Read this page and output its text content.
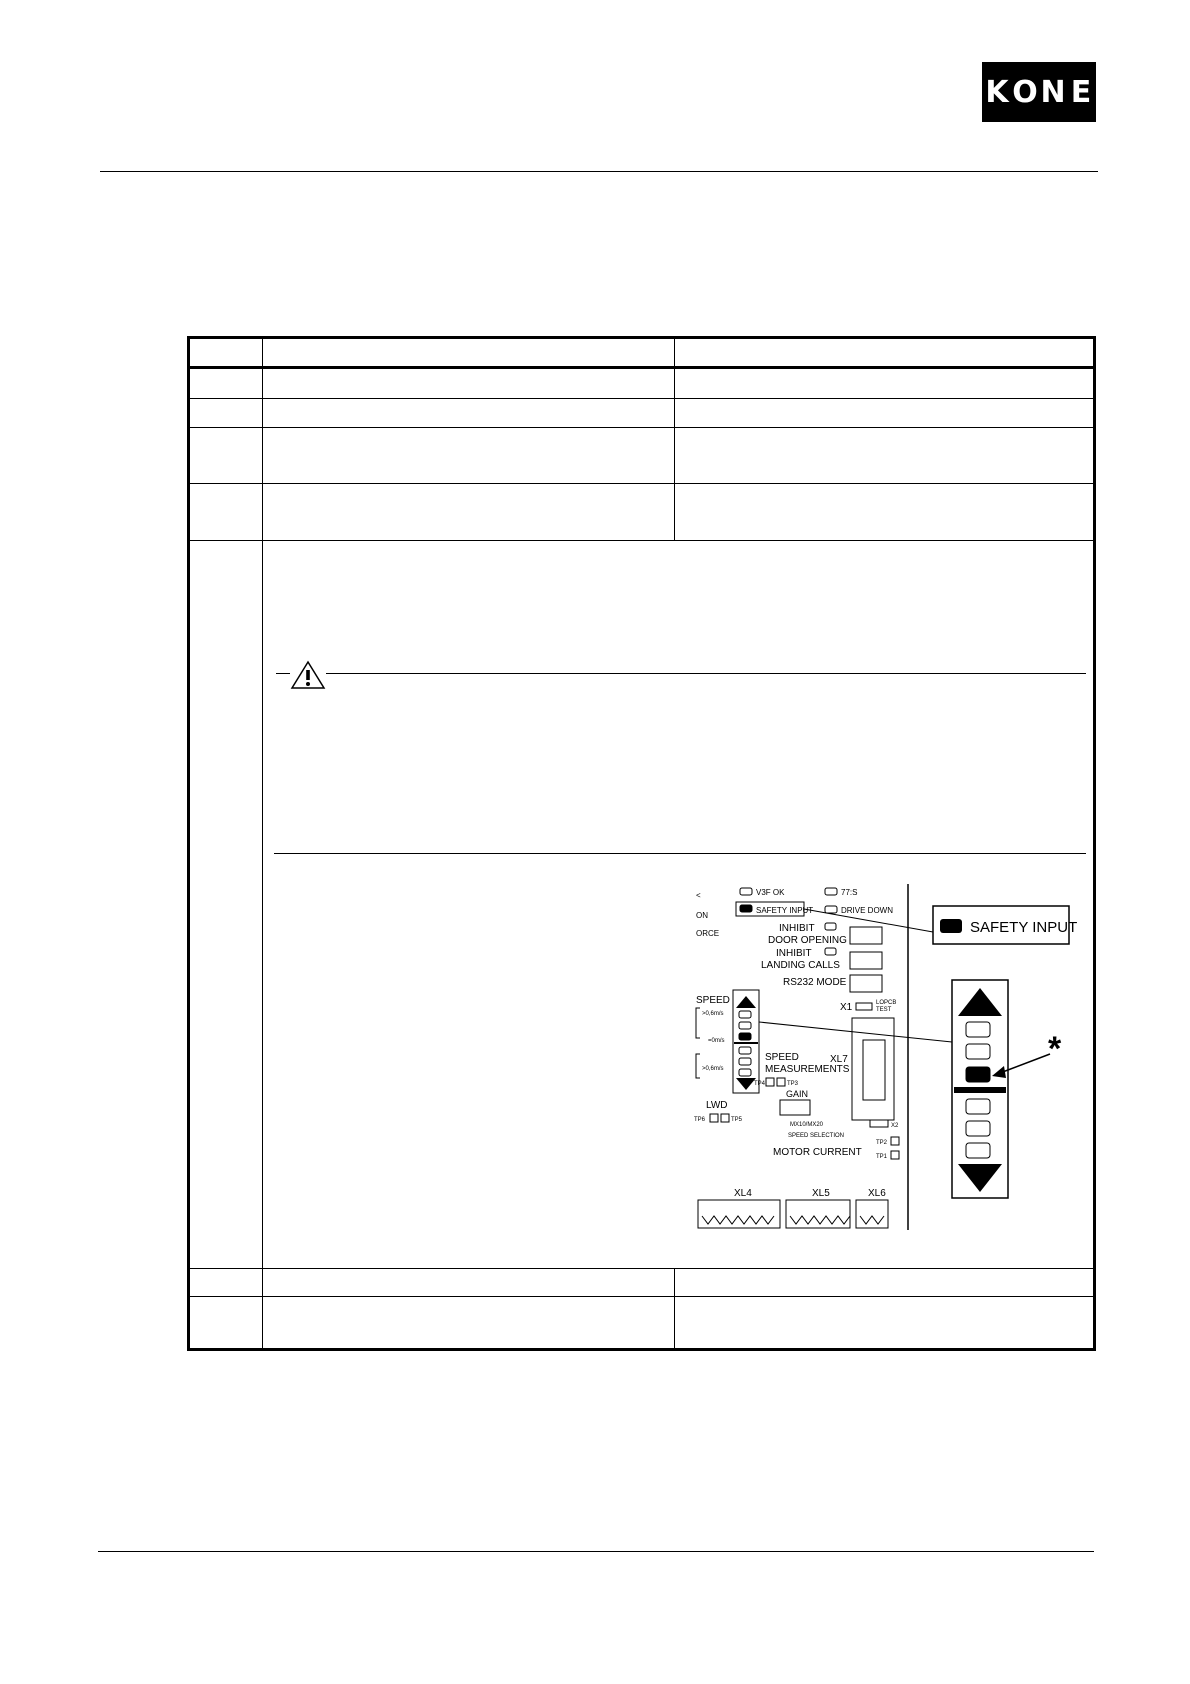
K O N E
V3F OK	77:S
SAFETY INPUT	DRIVE DOWN
<
ON
ORCE	INHIBIT
DOOR OPENING
INHIBIT
LANDING CALLS
RS232 MODE
X1	LOPCB
TEST
XL7
SPEED
>0,6m/s
=0m/s
>0,6m/s
SPEED
MEASUREMENTS
TP4	TP3
GAIN
LWD
TP6	TP5
MX10/MX20	X2
SPEED SELECTION
TP2
MOTOR CURRENT TP1
XL4	XL5	XL6
SAFETY INPUT
*
